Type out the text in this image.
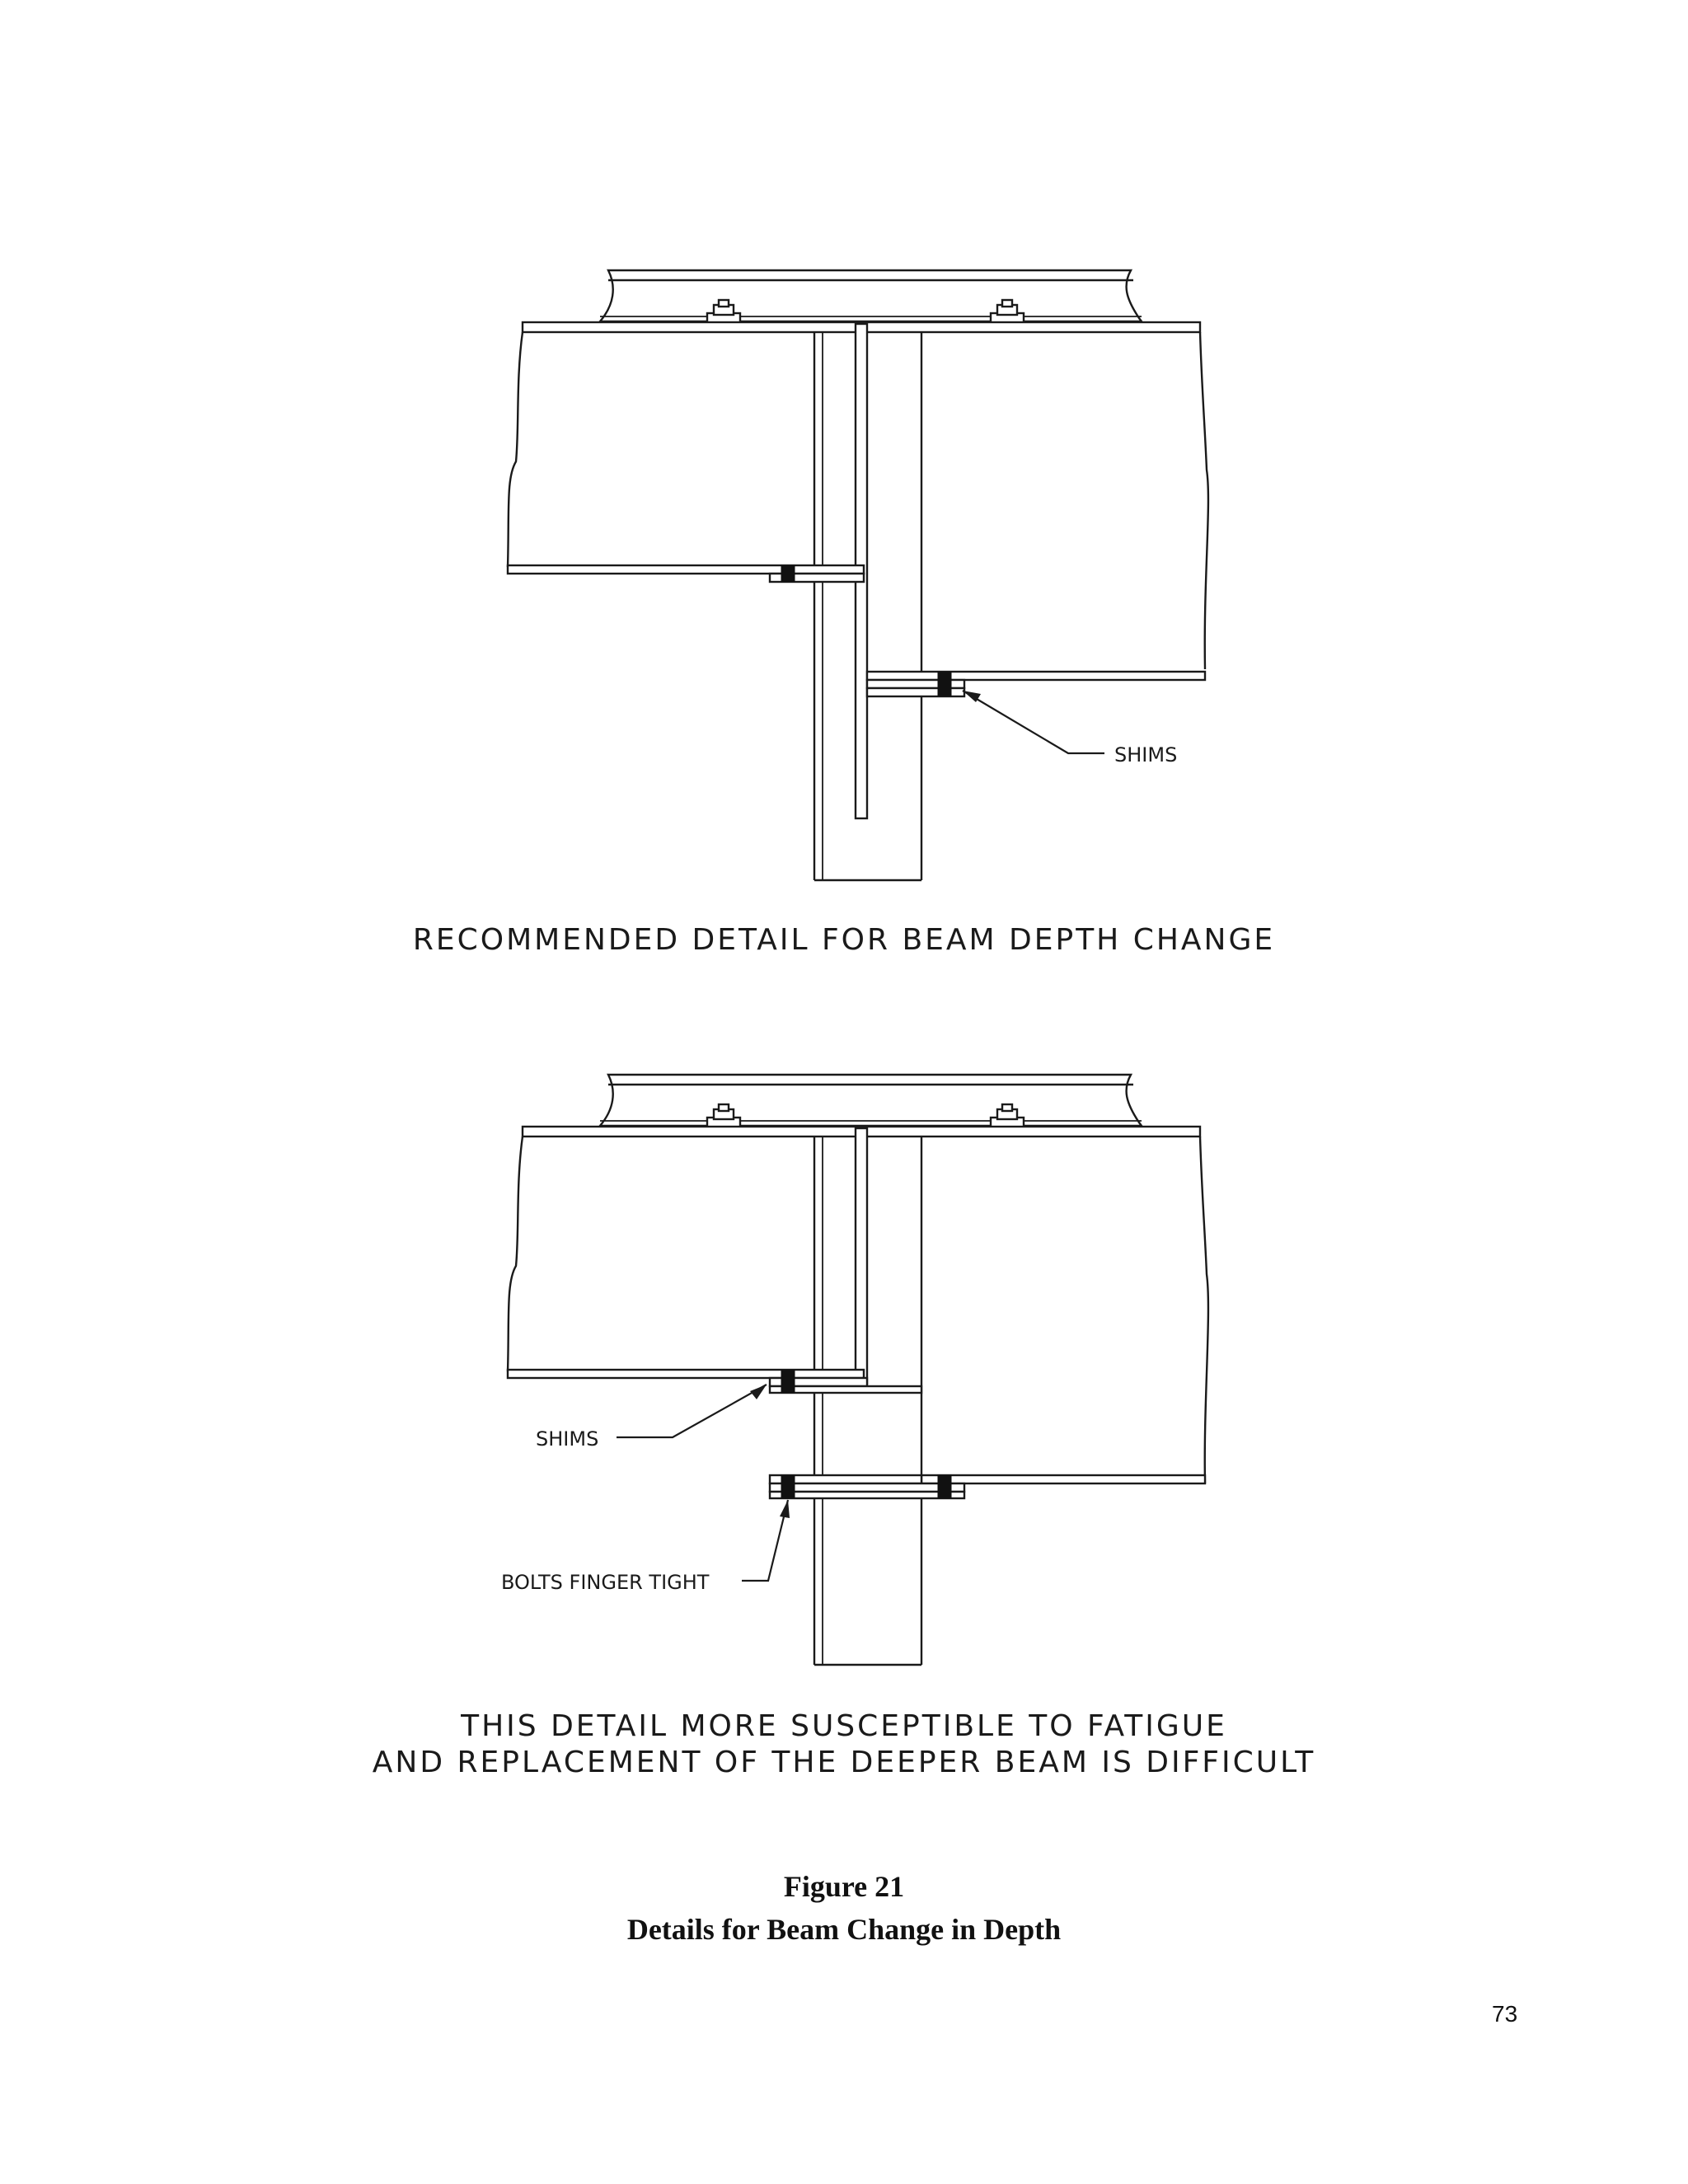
SHIMS
RECOMMENDED DETAIL FOR BEAM DEPTH CHANGE
SHIMS
BOLTS FINGER TIGHT
THIS DETAIL MORE SUSCEPTIBLE TO FATIGUE
AND REPLACEMENT OF THE DEEPER BEAM IS DIFFICULT
Figure 21
Details for Beam Change in Depth
73
